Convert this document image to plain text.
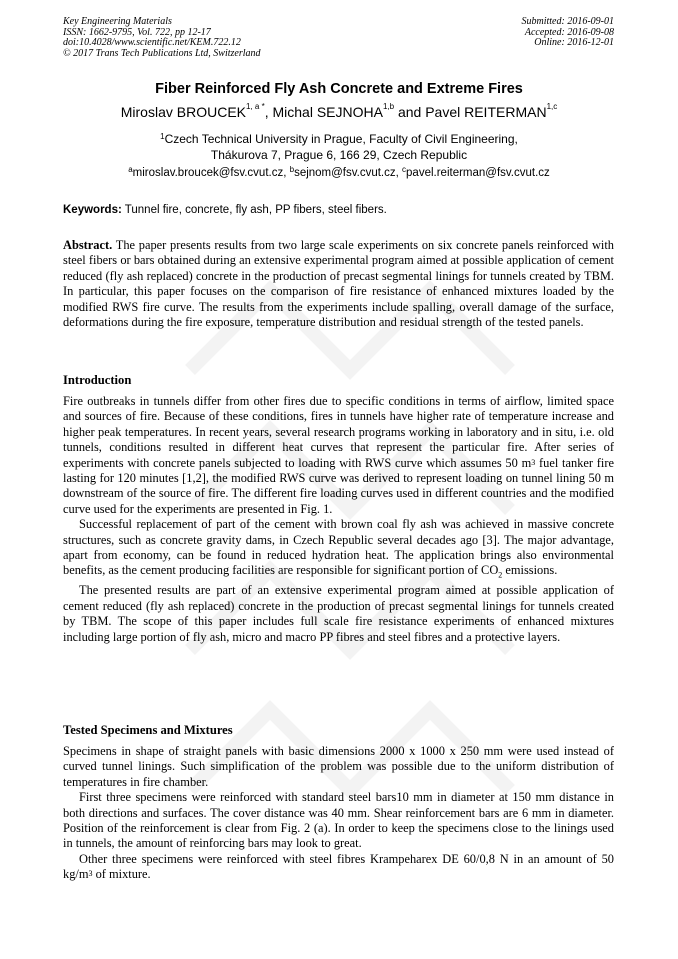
Key Engineering Materials
ISSN: 1662-9795, Vol. 722, pp 12-17
doi:10.4028/www.scientific.net/KEM.722.12
© 2017 Trans Tech Publications Ltd, Switzerland
Submitted: 2016-09-01
Accepted: 2016-09-08
Online: 2016-12-01
Fiber Reinforced Fly Ash Concrete and Extreme Fires
Miroslav $BROUCEK^{1, a *}$, Michal SEJNOHA$^{1,b}$ and Pavel REITERMAN$^{1,c}$
$^1$Czech Technical University in Prague, Faculty of Civil Engineering,
Thákurova 7, Prague 6, 166 29, Czech Republic
$^a$miroslav.broucek@fsv.cvut.cz, $^b$sejnom@fsv.cvut.cz, $^c$pavel.reiterman@fsv.cvut.cz
Keywords: Tunnel fire, concrete, fly ash, PP fibers, steel fibers.

Abstract. The paper presents results from two large scale experiments on six concrete panels reinforced with steel fibers or bars obtained during an extensive experimental program aimed at possible application of cement reduced (fly ash replaced) concrete in the production of precast segmental linings for tunnels created by TBM. In particular, this paper focuses on the comparison of fire resistance of enhanced mixtures loaded by the modified RWS fire curve. The results from the experiments include spalling, overall damage of the surface, deformations during the fire exposure, temperature distribution and residual strength of the tested panels.

Introduction

Fire outbreaks in tunnels differ from other fires due to specific conditions in terms of airflow, limited space and sources of fire. Because of these conditions, fires in tunnels have higher rate of temperature increase and higher peak temperatures. In recent years, several research programs working in laboratory and in situ, i.e. old tunnels, conditions resulted in different heat curves that represent the particular fire. After series of experiments with concrete panels subjected to loading with RWS curve which assumes 50 $m^3$ fuel tanker fire lasting for 120 minutes [1,2], the modified RWS curve was derived to represent loading on tunnel lining 50 m downstream of the source of fire. The different fire loading curves used in different countries and the modified curve used for the experiments are presented in Fig. 1.

Successful replacement of part of the cement with brown coal fly ash was achieved in massive concrete structures, such as concrete gravity dams, in Czech Republic several decades ago [3]. The major advantage, apart from economy, can be found in reduced hydration heat. The application brings also environmental benefits, as the cement producing facilities are responsible for significant portion of $CO_2$ emissions.

The presented results are part of an extensive experimental program aimed at possible application of cement reduced (fly ash replaced) concrete in the production of precast segmental linings for tunnels created by TBM. The scope of this paper includes full scale fire resistance experiments of enhanced mixtures including large portion of fly ash, micro and macro PP fibres and steel fibres and a protective layers.

Tested Specimens and Mixtures

Specimens in shape of straight panels with basic dimensions 2000 x 1000 x 250 mm were used instead of curved tunnel linings. Such simplification of the problem was possible due to the uniform distribution of temperatures in fire chamber.

First three specimens were reinforced with standard steel bars10 mm in diameter at 150 mm distance in both directions and surfaces. The cover distance was 40 mm. Shear reinforcement bars are 6 mm in diameter. Position of the reinforcement is clear from Fig. 2 (a). In order to keep the specimens close to the linings used in tunnels, the amount of reinforcing bars may look to great.

Other three specimens were reinforced with steel fibres Krampeharex DE 60/0,8 N in an amount of 50 $kg/m^3$ of mixture.
